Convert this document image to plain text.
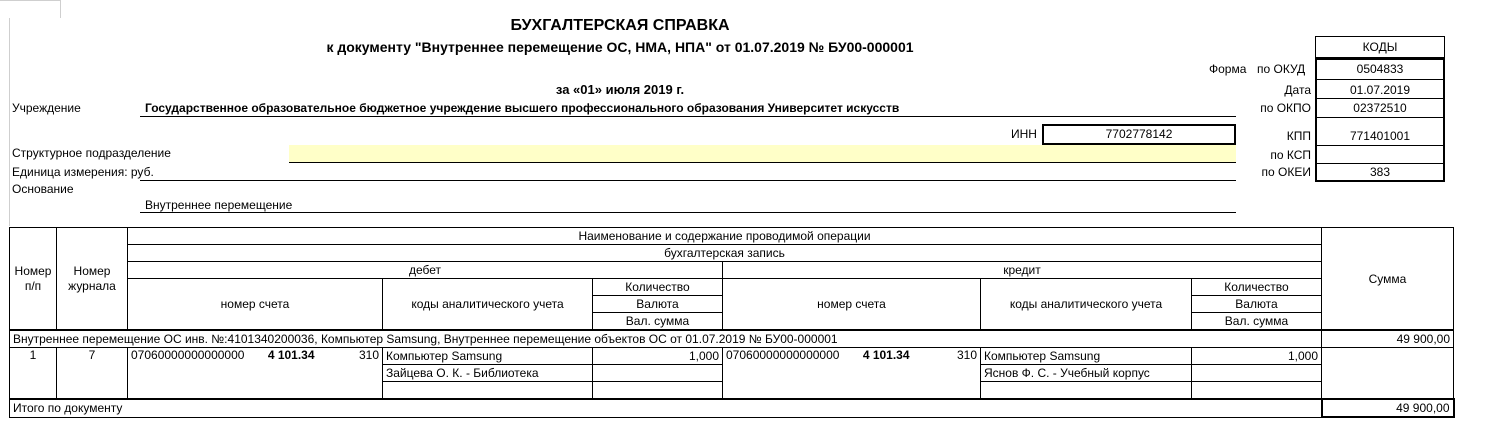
БУХГАЛТЕРСКАЯ СПРАВКА
к документу "Внутреннее перемещение ОС, НМА, НПА" от 01.07.2019 № БУ00-000001
за «01» июля 2019 г.
Учреждение	Государственное образовательное бюджетное учреждение высшего профессионального образования Университет искусств
ИНН	7702778142
Структурное подразделение
Единица измерения: руб.
Основание
Внутреннее перемещение
КОДЫ
Форма по ОКУД	0504833
Дата	01.07.2019
по ОКПО	02372510
КПП	771401001
по КСП
по ОКЕИ	383
Номер п/п	Номер журнала	Наименование и содержание проводимой операции						Сумма
		бухгалтерская запись						
		дебет			кредит			
		номер счета	коды аналитического учета	Количество	номер счета	коды аналитического учета	Количество	
				Валюта			Валюта	
				Вал. сумма			Вал. сумма	
Внутреннее перемещение ОС инв. №:4101340200036, Компьютер Samsung, Внутреннее перемещение объектов ОС от 01.07.2019 № БУ00-000001								49 900,00
1	7	07060000000000000 4 101.34 310	Компьютер Samsung	1,000	07060000000000000 4 101.34 310	Компьютер Samsung	1,000	
			Зайцева О. К. - Библиотека			Яснов Ф. С. - Учебный корпус		

Итого по документу								49 900,00
